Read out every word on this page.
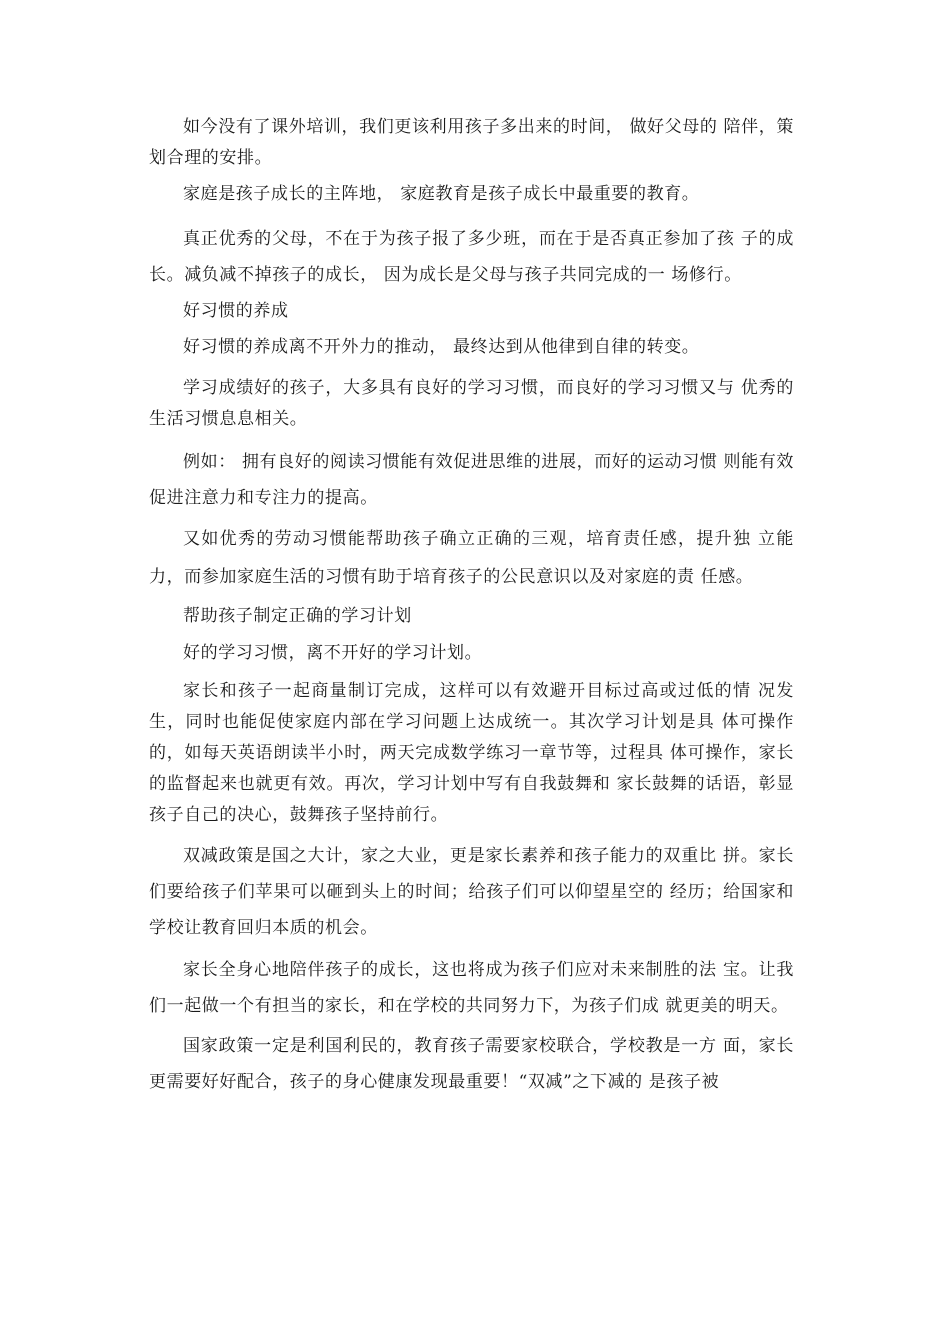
如今没有了课外培训，我们更该利用孩子多出来的时间， 做好父母的 陪伴，策划合理的安排。

家庭是孩子成长的主阵地， 家庭教育是孩子成长中最重要的教育。

真正优秀的父母，不在于为孩子报了多少班，而在于是否真正参加了孩 子的成长。减负减不掉孩子的成长， 因为成长是父母与孩子共同完成的一 场修行。

好习惯的养成

好习惯的养成离不开外力的推动， 最终达到从他律到自律的转变。

学习成绩好的孩子，大多具有良好的学习习惯，而良好的学习习惯又与 优秀的生活习惯息息相关。

例如： 拥有良好的阅读习惯能有效促进思维的进展，而好的运动习惯 则能有效促进注意力和专注力的提高。

又如优秀的劳动习惯能帮助孩子确立正确的三观，培育责任感，提升独 立能力，而参加家庭生活的习惯有助于培育孩子的公民意识以及对家庭的责 任感。

帮助孩子制定正确的学习计划

好的学习习惯，离不开好的学习计划。

家长和孩子一起商量制订完成，这样可以有效避开目标过高或过低的情 况发生，同时也能促使家庭内部在学习问题上达成统一。其次学习计划是具 体可操作的，如每天英语朗读半小时，两天完成数学练习一章节等，过程具 体可操作，家长的监督起来也就更有效。再次，学习计划中写有自我鼓舞和 家长鼓舞的话语，彰显孩子自己的决心，鼓舞孩子坚持前行。

双减政策是国之大计，家之大业，更是家长素养和孩子能力的双重比 拼。家长们要给孩子们苹果可以砸到头上的时间；给孩子们可以仰望星空的 经历；给国家和学校让教育回归本质的机会。

家长全身心地陪伴孩子的成长，这也将成为孩子们应对未来制胜的法 宝。让我们一起做一个有担当的家长，和在学校的共同努力下，为孩子们成 就更美的明天。

国家政策一定是利国利民的，教育孩子需要家校联合，学校教是一方 面，家长更需要好好配合，孩子的身心健康发现最重要！“双减”之下减的 是孩子被
